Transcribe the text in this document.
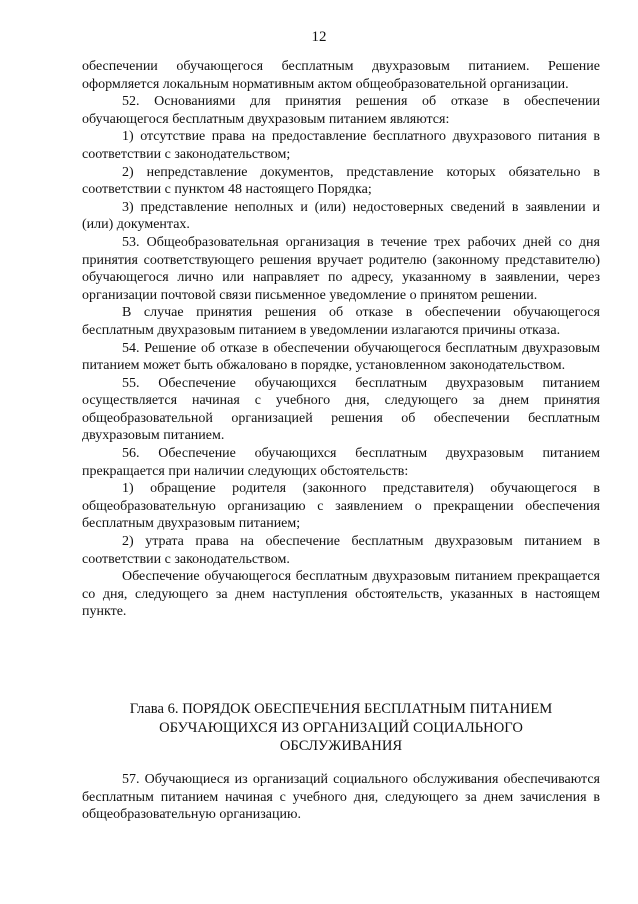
12

обеспечении обучающегося бесплатным двухразовым питанием. Решение оформляется локальным нормативным актом общеобразовательной организации.

52. Основаниями для принятия решения об отказе в обеспечении обучающегося бесплатным двухразовым питанием являются:

1) отсутствие права на предоставление бесплатного двухразового питания в соответствии с законодательством;

2) непредставление документов, представление которых обязательно в соответствии с пунктом 48 настоящего Порядка;

3) представление неполных и (или) недостоверных сведений в заявлении и (или) документах.

53. Общеобразовательная организация в течение трех рабочих дней со дня принятия соответствующего решения вручает родителю (законному представителю) обучающегося лично или направляет по адресу, указанному в заявлении, через организации почтовой связи письменное уведомление о принятом решении.

В случае принятия решения об отказе в обеспечении обучающегося бесплатным двухразовым питанием в уведомлении излагаются причины отказа.

54. Решение об отказе в обеспечении обучающегося бесплатным двухразовым питанием может быть обжаловано в порядке, установленном законодательством.

55. Обеспечение обучающихся бесплатным двухразовым питанием осуществляется начиная с учебного дня, следующего за днем принятия общеобразовательной организацией решения об обеспечении бесплатным двухразовым питанием.

56. Обеспечение обучающихся бесплатным двухразовым питанием прекращается при наличии следующих обстоятельств:

1) обращение родителя (законного представителя) обучающегося в общеобразовательную организацию с заявлением о прекращении обеспечения бесплатным двухразовым питанием;

2) утрата права на обеспечение бесплатным двухразовым питанием в соответствии с законодательством.

Обеспечение обучающегося бесплатным двухразовым питанием прекращается со дня, следующего за днем наступления обстоятельств, указанных в настоящем пункте.

Глава 6. ПОРЯДОК ОБЕСПЕЧЕНИЯ БЕСПЛАТНЫМ ПИТАНИЕМ
ОБУЧАЮЩИХСЯ ИЗ ОРГАНИЗАЦИЙ СОЦИАЛЬНОГО
ОБСЛУЖИВАНИЯ

57. Обучающиеся из организаций социального обслуживания обеспечиваются бесплатным питанием начиная с учебного дня, следующего за днем зачисления в общеобразовательную организацию.
